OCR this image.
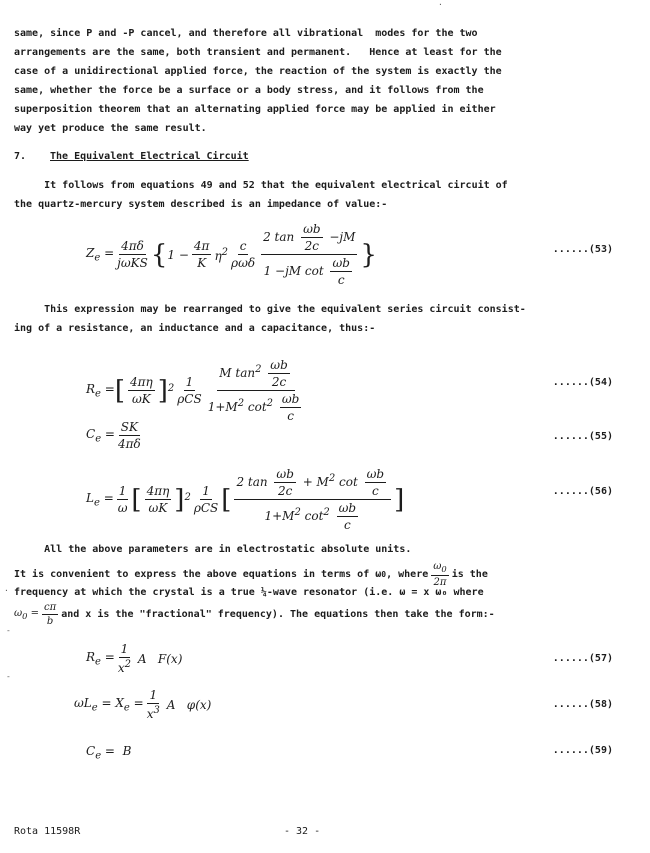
same, since P and -P cancel, and therefore all vibrational  modes for the two
arrangements are the same, both transient and permanent.   Hence at least for the
case of a unidirectional applied force, the reaction of the system is exactly the
same, whether the force be a surface or a body stress, and it follows from the
superposition theorem that an alternating applied force may be applied in either
way yet produce the same result.

7. The Equivalent Electrical Circuit

It follows from equations 49 and 52 that the equivalent electrical circuit of
the quartz-mercury system described is an impedance of value:-

$Z_e = \frac{4\pi\delta}{\text{jωKS}}$ { $1 - \frac{4\pi}{K} \eta^2 \frac{c}{\text{ρωδ}} \frac{2 \tan \frac{\omega b}{2c} -jM}{1 -jM \cot \frac{\omega b}{c}}$ }	......(53)

This expression may be rearranged to give the equivalent series circuit consist-
ing of a resistance, an inductance and a capacitance, thus:-

$R_e$ = [ $\frac{4\pi\eta}{\omega K}$ ] $^2 \frac{1}{\text{ρCS}} \frac{M \tan^2 \frac{\omega b}{2c}}{1+M^2 \cot^2 \frac{\omega b}{c}}$	......(54)
$C_e = \frac{SK}{4\pi\delta}$	......(55)
$L_e = \frac{1}{\omega}$ [ $\frac{4\pi\eta}{\omega K}$ ] $^2 \frac{1}{\text{ρCS}}$ [ $\frac{2 \tan \frac{\omega b}{2c} + M^2 \cot \frac{\omega b}{c}}{1+M^2 \cot^2 \frac{\omega b}{c}}$ ]	......(56)

All the above parameters are in electrostatic absolute units.

It is convenient to express the above equations in terms of ω 0 , where $\frac{\omega_0}{2\pi}$ is the
frequency at which the crystal is a true ¼-wave resonator (i.e. ω = x ω₀ where
$\omega_0 = \frac{c\pi}{b}$ and x is the "fractional" frequency). The equations then take the form:-
$R_e = \frac{1}{x^2}$ A   F(x)	......(57)
$\omega L_e = X_e = \frac{1}{x^3}$ A   φ(x)	......(58)
$C_e = B$	......(59)
·
-
-
·
Rota 11598R	- 32 -
